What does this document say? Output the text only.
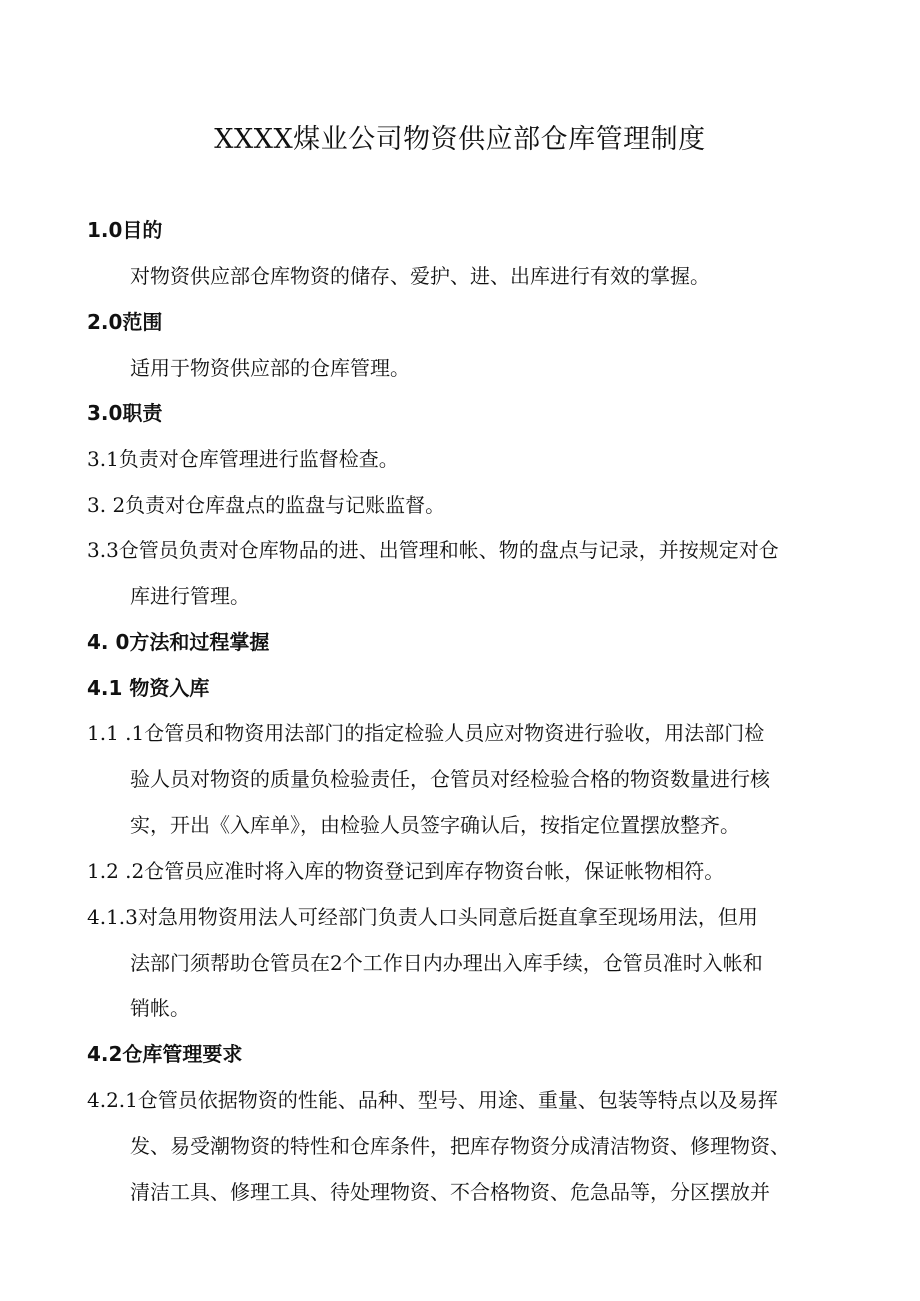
XXXX煤业公司物资供应部仓库管理制度
1.0目的
对物资供应部仓库物资的储存、爱护、进、出库进行有效的掌握。
2.0范围
适用于物资供应部的仓库管理。
3.0职责
3.1负责对仓库管理进行监督检查。
3. 2负责对仓库盘点的监盘与记账监督。
3.3仓管员负责对仓库物品的进、出管理和帐、物的盘点与记录，并按规定对仓
库进行管理。
4. 0方法和过程掌握
4.1 物资入库
1.1 .1仓管员和物资用法部门的指定检验人员应对物资进行验收，用法部门检
验人员对物资的质量负检验责任，仓管员对经检验合格的物资数量进行核
实，开出《入库单》，由检验人员签字确认后，按指定位置摆放整齐。
1.2 .2仓管员应准时将入库的物资登记到库存物资台帐，保证帐物相符。
4.1.3对急用物资用法人可经部门负责人口头同意后挺直拿至现场用法，但用
法部门须帮助仓管员在2个工作日内办理出入库手续，仓管员准时入帐和
销帐。
4.2仓库管理要求
4.2.1仓管员依据物资的性能、品种、型号、用途、重量、包装等特点以及易挥
发、易受潮物资的特性和仓库条件，把库存物资分成清洁物资、修理物资、
清洁工具、修理工具、待处理物资、不合格物资、危急品等，分区摆放并
